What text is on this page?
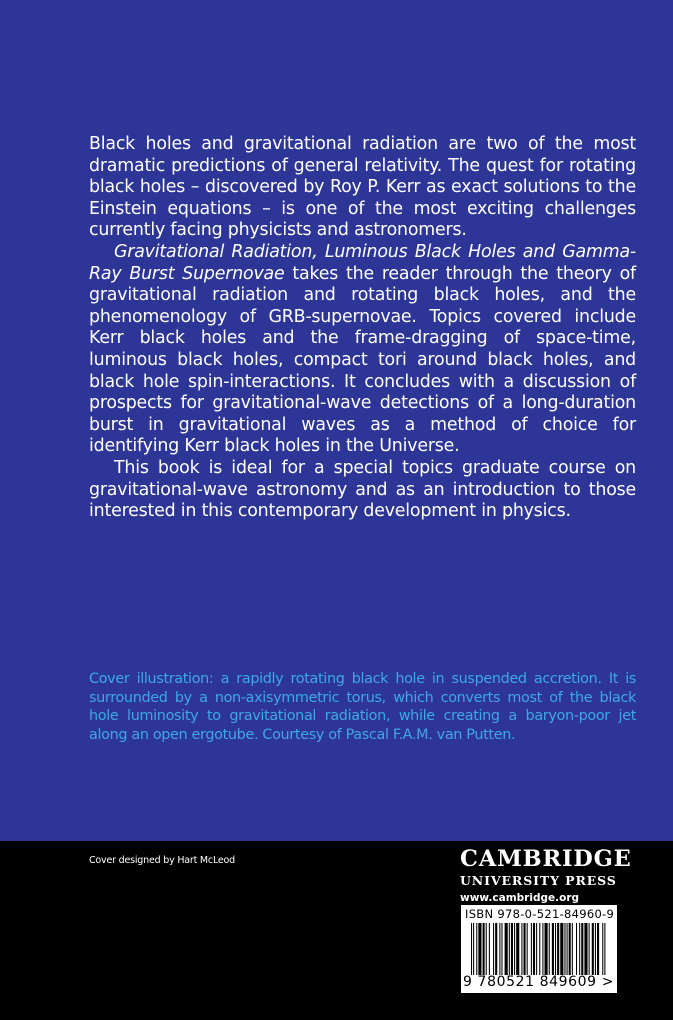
Black holes and gravitational radiation are two of the most dramatic predictions of general relativity. The quest for rotating black holes – discovered by Roy P. Kerr as exact solutions to the Einstein equations – is one of the most exciting challenges currently facing physicists and astronomers.

Gravitational Radiation, Luminous Black Holes and Gamma-Ray Burst Supernovae takes the reader through the theory of gravitational radiation and rotating black holes, and the phenomenology of GRB-supernovae. Topics covered include Kerr black holes and the frame-dragging of space-time, luminous black holes, compact tori around black holes, and black hole spin-interactions. It concludes with a discussion of prospects for gravitational-wave detections of a long-duration burst in gravitational waves as a method of choice for identifying Kerr black holes in the Universe.

This book is ideal for a special topics graduate course on gravitational-wave astronomy and as an introduction to those interested in this contemporary development in physics.

Cover illustration: a rapidly rotating black hole in suspended accretion. It is surrounded by a non-axisymmetric torus, which converts most of the black hole luminosity to gravitational radiation, while creating a baryon-poor jet along an open ergotube. Courtesy of Pascal F.A.M. van Putten.

Cover designed by Hart McLeod	CAMBRIDGE
UNIVERSITY PRESS
www.cambridge.org
ISBN 978-0-521-84960-9
9 780521 849609 >
